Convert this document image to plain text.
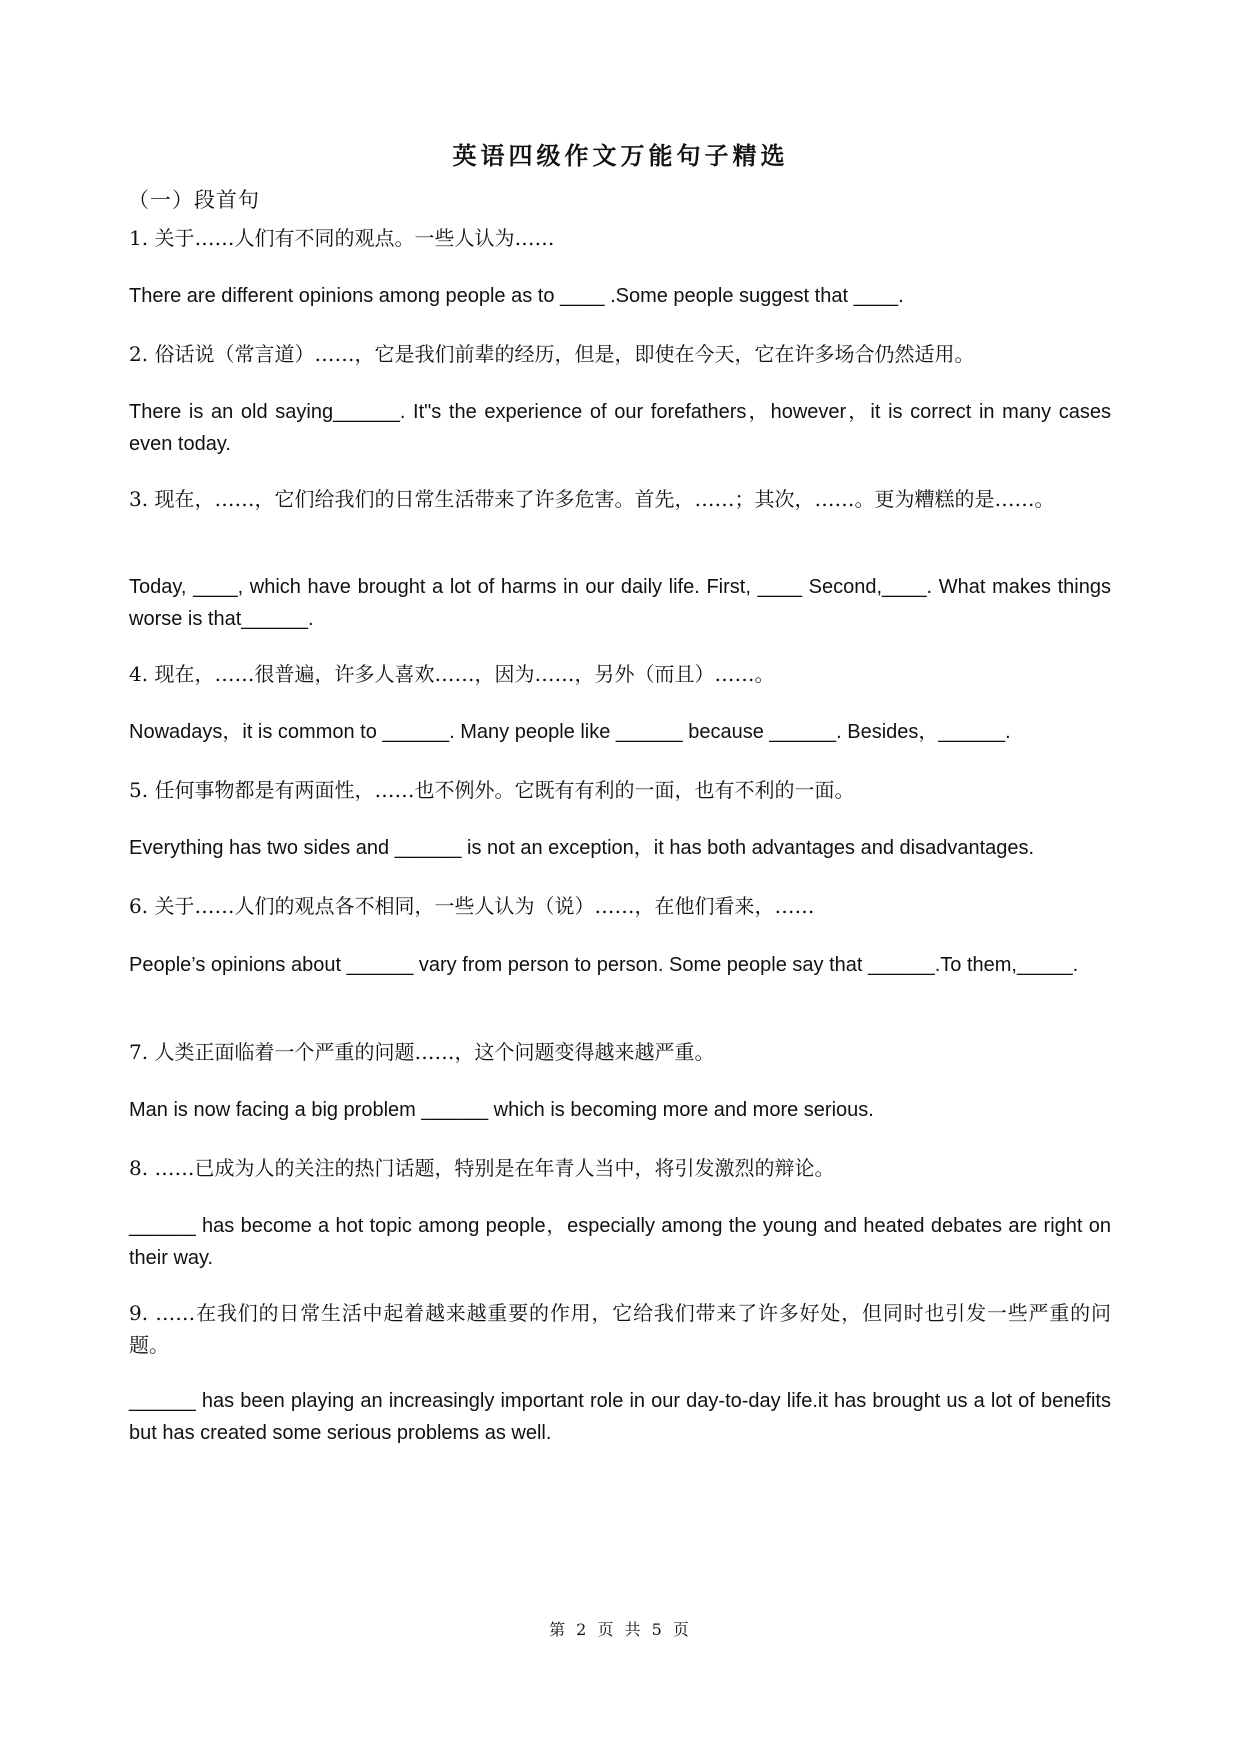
英语四级作文万能句子精选
（一）段首句

1. 关于……人们有不同的观点。一些人认为……

There are different opinions among people as to ____ .Some people suggest that ____.

2. 俗话说（常言道）……，它是我们前辈的经历，但是，即使在今天，它在许多场合仍然适用。

There is an old saying______. It"s the experience of our forefathers，however，it is correct in many cases even today.

3. 现在，……，它们给我们的日常生活带来了许多危害。首先，……；其次，……。更为糟糕的是……。

Today, ____, which have brought a lot of harms in our daily life. First, ____ Second,____. What makes things worse is that______.

4. 现在，……很普遍，许多人喜欢……，因为……，另外（而且）……。

Nowadays，it is common to ______. Many people like ______ because ______. Besides，______.

5. 任何事物都是有两面性，……也不例外。它既有有利的一面，也有不利的一面。

Everything has two sides and ______ is not an exception，it has both advantages and disadvantages.

6. 关于……人们的观点各不相同，一些人认为（说）……，在他们看来，……

People’s opinions about ______ vary from person to person. Some people say that ______.To them,_____.

7. 人类正面临着一个严重的问题……，这个问题变得越来越严重。

Man is now facing a big problem ______ which is becoming more and more serious.

8. ……已成为人的关注的热门话题，特别是在年青人当中，将引发激烈的辩论。

______ has become a hot topic among people，especially among the young and heated debates are right on their way.

9. ……在我们的日常生活中起着越来越重要的作用，它给我们带来了许多好处，但同时也引发一些严重的问题。

______ has been playing an increasingly important role in our day-to-day life.it has brought us a lot of benefits but has created some serious problems as well.

第 2 页 共 5 页
